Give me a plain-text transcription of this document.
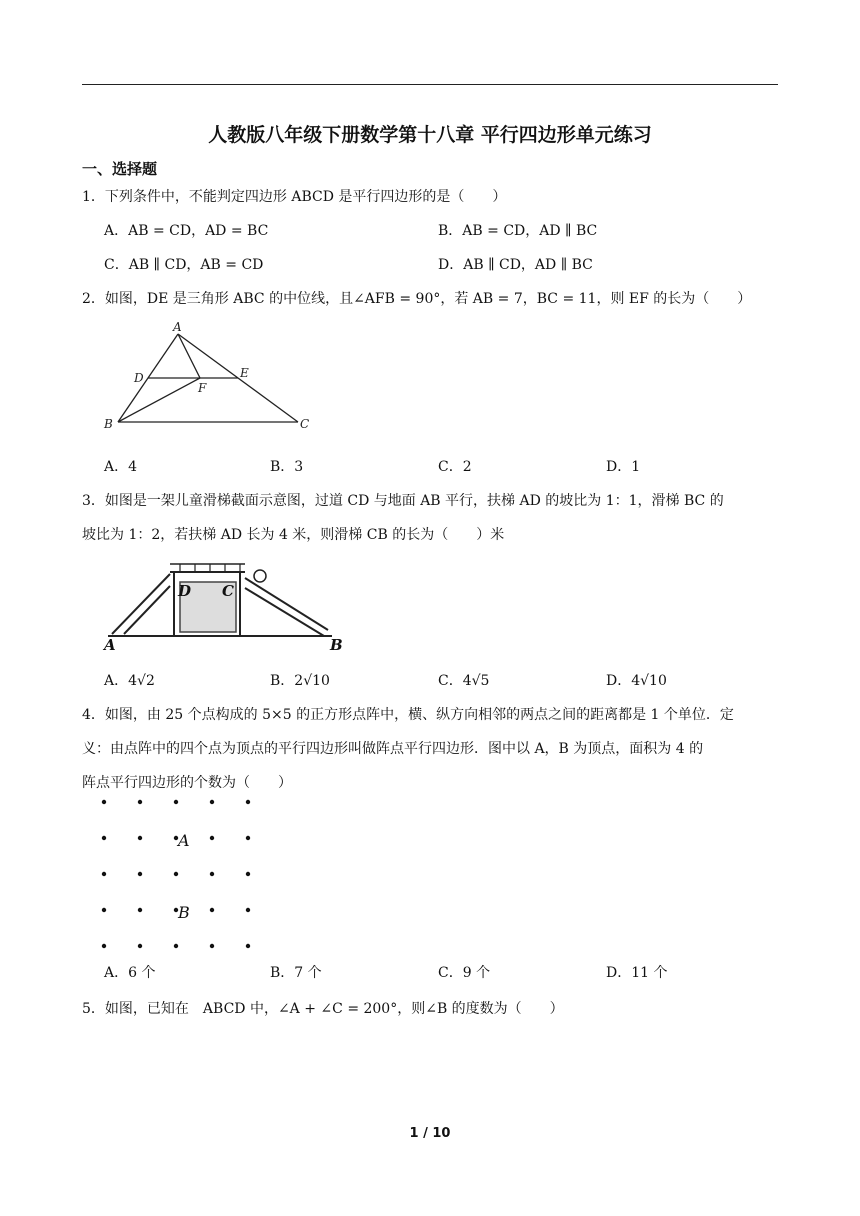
人教版八年级下册数学第十八章 平行四边形单元练习
一、选择题
1．下列条件中，不能判定四边形 ABCD 是平行四边形的是（　　）
A．AB = CD，AD = BC	B．AB = CD，AD ∥ BC
C．AB ∥ CD，AB = CD	D．AB ∥ CD，AD ∥ BC
2．如图，DE 是三角形 ABC 的中位线，且∠AFB = 90°，若 AB = 7，BC = 11，则 EF 的长为（　　）
A
D	E
F
B	C
A．4	B．3	C．2	D．1
3．如图是一架儿童滑梯截面示意图，过道 CD 与地面 AB 平行，扶梯 AD 的坡比为 1：1，滑梯 BC 的
坡比为 1：2，若扶梯 AD 长为 4 米，则滑梯 CB 的长为（　　）米
A
D C
B
A．4√2	B．2√10	C．4√5	D．4√10
4．如图，由 25 个点构成的 5×5 的正方形点阵中，横、纵方向相邻的两点之间的距离都是 1 个单位．定
义：由点阵中的四个点为顶点的平行四边形叫做阵点平行四边形．图中以 A，B 为顶点，面积为 4 的
阵点平行四边形的个数为（　　）
A
B
A．6 个	B．7 个	C．9 个	D．11 个
5．如图，已知在　ABCD 中，∠A + ∠C = 200°，则∠B 的度数为（　　）
1 / 10
